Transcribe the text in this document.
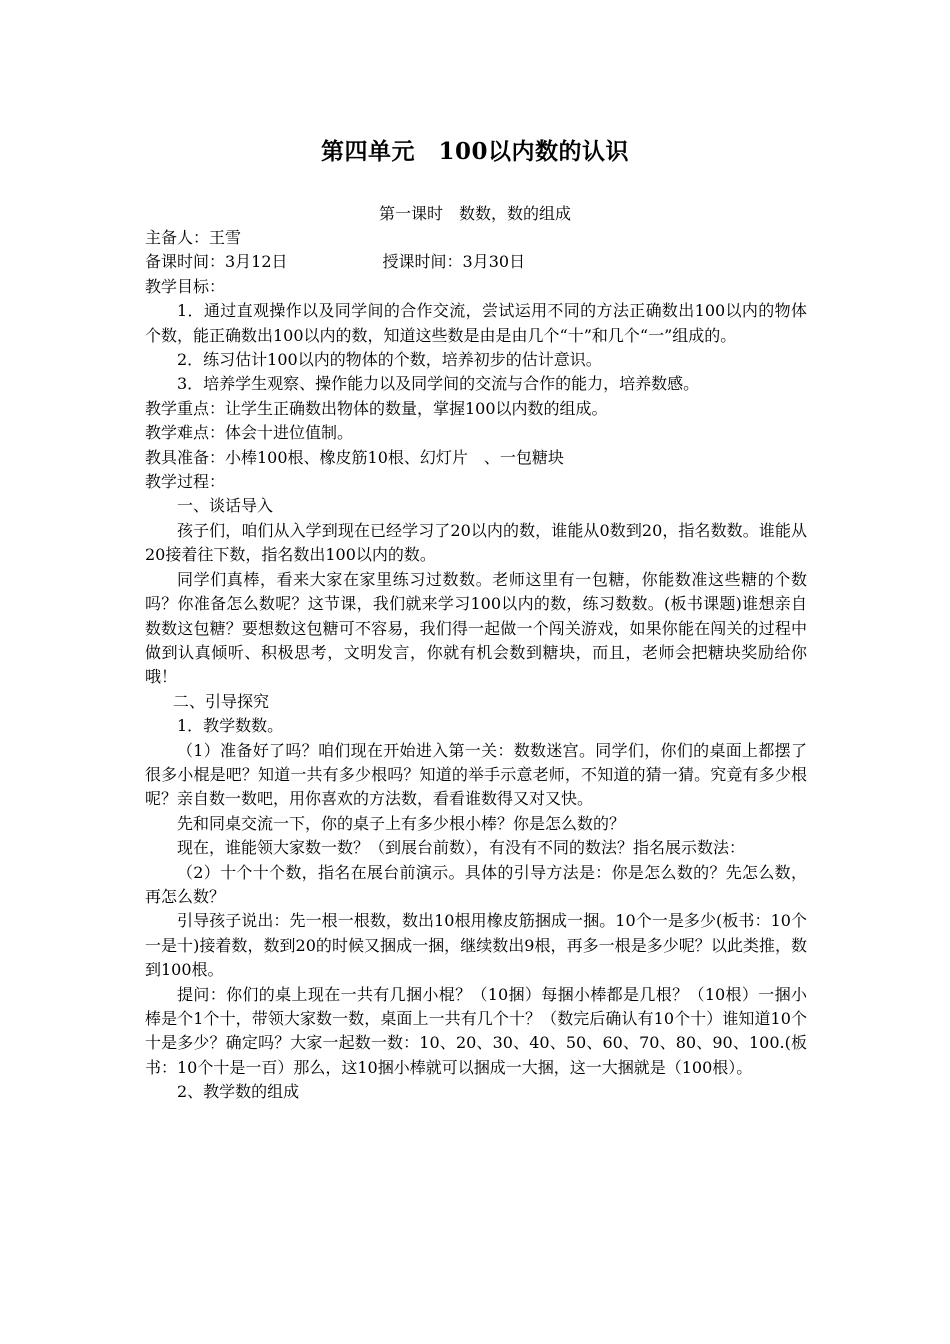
第四单元　100以内数的认识
第一课时　数数，数的组成

主备人：王雪

备课时间：3月12日	授课时间：3月30日

教学目标：

1．通过直观操作以及同学间的合作交流，尝试运用不同的方法正确数出100以内的物体个数，能正确数出100以内的数，知道这些数是由是由几个“十”和几个“一”组成的。

2．练习估计100以内的物体的个数，培养初步的估计意识。

3．培养学生观察、操作能力以及同学间的交流与合作的能力，培养数感。

教学重点：让学生正确数出物体的数量，掌握100以内数的组成。

教学难点：体会十进位值制。

教具准备：小棒100根、橡皮筋10根、幻灯片　、一包糖块

教学过程：

一、谈话导入

孩子们，咱们从入学到现在已经学习了20以内的数，谁能从0数到20，指名数数。谁能从20接着往下数，指名数出100以内的数。

同学们真棒，看来大家在家里练习过数数。老师这里有一包糖，你能数准这些糖的个数吗？你准备怎么数呢？这节课，我们就来学习100以内的数，练习数数。(板书课题)谁想亲自数数这包糖？要想数这包糖可不容易，我们得一起做一个闯关游戏，如果你能在闯关的过程中做到认真倾听、积极思考，文明发言，你就有机会数到糖块，而且，老师会把糖块奖励给你哦！

二、引导探究

1．教学数数。

（1）准备好了吗？咱们现在开始进入第一关：数数迷宫。同学们，你们的桌面上都摆了很多小棍是吧？知道一共有多少根吗？知道的举手示意老师，不知道的猜一猜。究竟有多少根呢？亲自数一数吧，用你喜欢的方法数，看看谁数得又对又快。

先和同桌交流一下，你的桌子上有多少根小棒？你是怎么数的？

现在，谁能领大家数一数？（到展台前数），有没有不同的数法？指名展示数法：

（2）十个十个数，指名在展台前演示。具体的引导方法是：你是怎么数的？先怎么数，再怎么数？

引导孩子说出：先一根一根数，数出10根用橡皮筋捆成一捆。10个一是多少(板书：10个一是十)接着数，数到20的时候又捆成一捆，继续数出9根，再多一根是多少呢？以此类推，数到100根。

提问：你们的桌上现在一共有几捆小棍？（10捆）每捆小棒都是几根？（10根）一捆小棒是个1个十，带领大家数一数，桌面上一共有几个十？（数完后确认有10个十）谁知道10个十是多少？确定吗？大家一起数一数：10、20、30、40、50、60、70、80、90、100.(板书：10个十是一百）那么，这10捆小棒就可以捆成一大捆，这一大捆就是（100根）。

2、教学数的组成
